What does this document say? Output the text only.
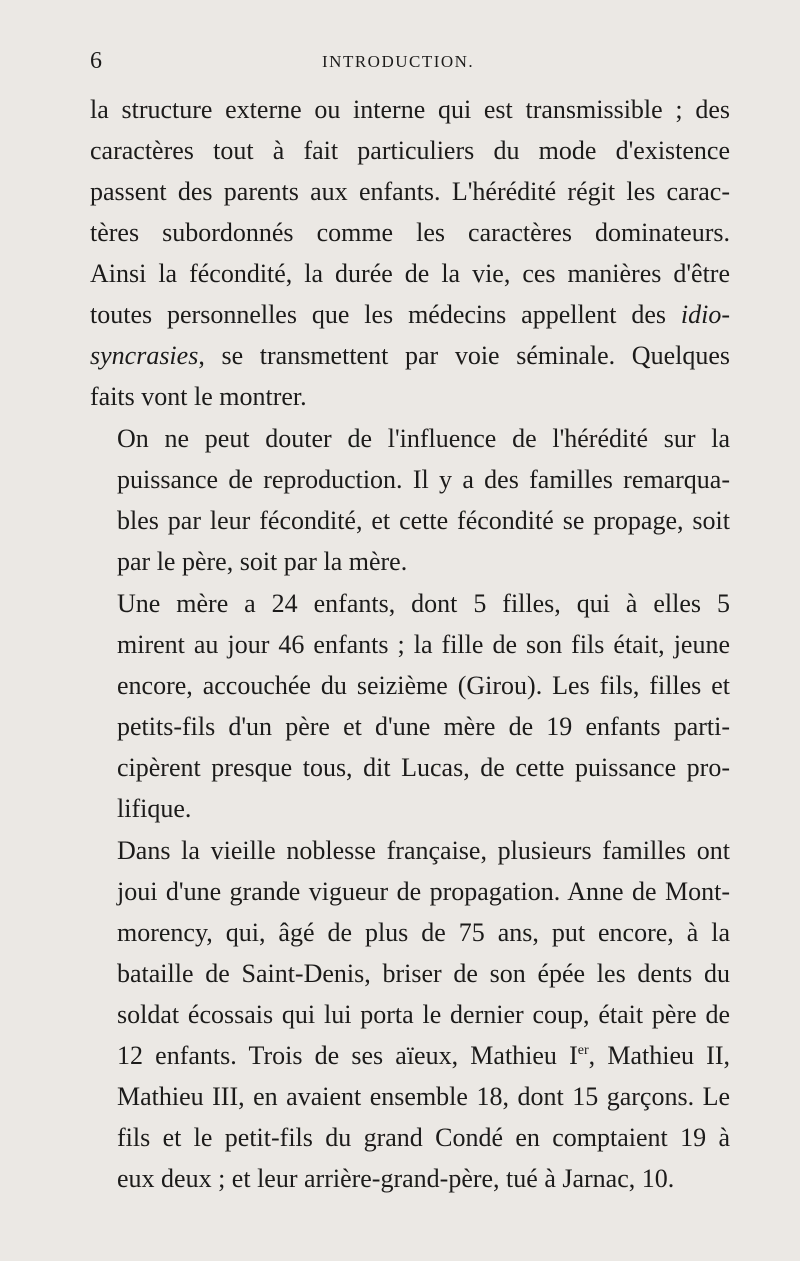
6	INTRODUCTION.

la structure externe ou interne qui est transmissible ; des
caractères tout à fait particuliers du mode d'existence
passent des parents aux enfants. L'hérédité régit les carac-
tères subordonnés comme les caractères dominateurs.
Ainsi la fécondité, la durée de la vie, ces manières d'être
toutes personnelles que les médecins appellent des idio-
syncrasies, se transmettent par voie séminale. Quelques
faits vont le montrer.

On ne peut douter de l'influence de l'hérédité sur la
puissance de reproduction. Il y a des familles remarqua-
bles par leur fécondité, et cette fécondité se propage, soit
par le père, soit par la mère.

Une mère a 24 enfants, dont 5 filles, qui à elles 5
mirent au jour 46 enfants ; la fille de son fils était, jeune
encore, accouchée du seizième (Girou). Les fils, filles et
petits-fils d'un père et d'une mère de 19 enfants parti-
cipèrent presque tous, dit Lucas, de cette puissance pro-
lifique.

Dans la vieille noblesse française, plusieurs familles ont
joui d'une grande vigueur de propagation. Anne de Mont-
morency, qui, âgé de plus de 75 ans, put encore, à la
bataille de Saint-Denis, briser de son épée les dents du
soldat écossais qui lui porta le dernier coup, était père de
12 enfants. Trois de ses aïeux, Mathieu Ier, Mathieu II,
Mathieu III, en avaient ensemble 18, dont 15 garçons. Le
fils et le petit-fils du grand Condé en comptaient 19 à
eux deux ; et leur arrière-grand-père, tué à Jarnac, 10.
